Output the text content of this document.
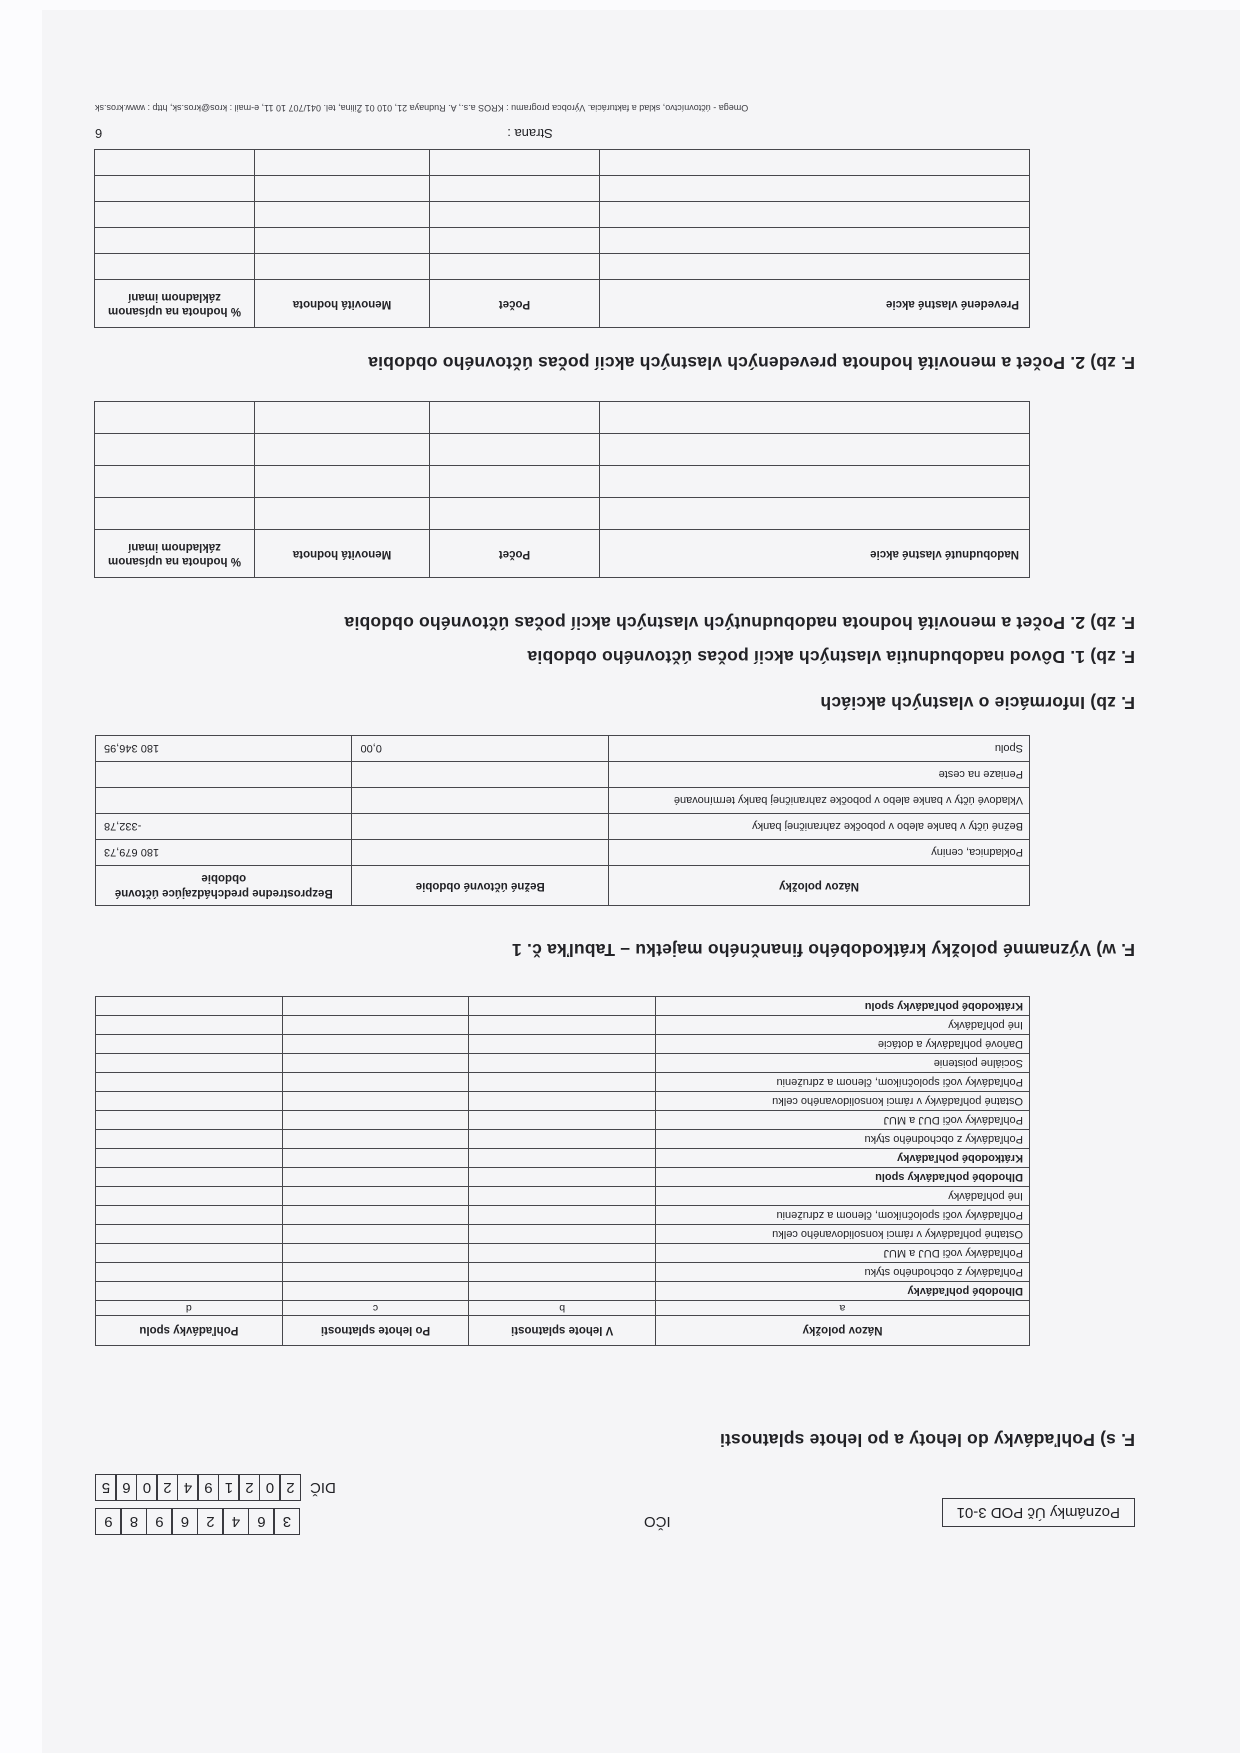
Poznámky Úč POD 3-01
IČO
3
6
4
2
6
9
8
9
DIČ
2
0
2
1
9
4
2
0
6
5
F. s) Pohľadávky do lehoty a po lehote splatnosti
Názov položky	V lehote splatnosti	Po lehote splatnosti	Pohľadávky spolu
a	b	c	d
Dlhodobé pohľadávky			
Pohľadávky z obchodného styku			
Pohľadávky voči DUJ a MUJ			
Ostatné pohľadávky v rámci konsolidovaného celku			
Pohľadávky voči spoločníkom, členom a združeniu			
Iné pohľadávky			
Dlhodobé pohľadávky spolu			
Krátkodobé pohľadávky			
Pohľadávky z obchodného styku			
Pohľadávky voči DUJ a MUJ			
Ostatné pohľadávky v rámci konsolidovaného celku			
Pohľadávky voči spoločníkom, členom a združeniu			
Sociálne poistenie			
Daňové pohľadávky a dotácie			
Iné pohľadávky			
Krátkodobé pohľadávky spolu			
F. w) Významné položky krátkodobého finančného majetku – Tabuľka č. 1
Názov položky	Bežné účtovné obdobie	Bezprostredne predchádzajúce účtovné obdobie
Pokladnica, ceniny		180 679,73
Bežné účty v banke alebo v pobočke zahraničnej banky		-332,78
Vkladové účty v banke alebo v pobočke zahraničnej banky termínované		
Peniaze na ceste		
Spolu	0,00	180 346,95
F. zb) Informácie o vlastných akciách
F. zb) 1. Dôvod nadobudnutia vlastných akcií počas účtovného obdobia
F. zb) 2. Počet a menovitá hodnota nadobudnutých vlastných akcií počas účtovného obdobia
Nadobudnuté vlastné akcie	Počet	Menovitá hodnota	% hodnota na upísanom základnom imaní

F. zb) 2. Počet a menovitá hodnota prevedených vlastných akcií počas účtovného obdobia
Prevedené vlastné akcie	Počet	Menovitá hodnota	% hodnota na upísanom základnom imaní

Strana :
6
Omega - účtovníctvo, sklad a fakturácia. Výrobca programu : KROS a.s., A. Rudnaya 21, 010 01 Žilina, tel. 041/707 10 11, e-mail : kros@kros.sk, http : www.kros.sk
